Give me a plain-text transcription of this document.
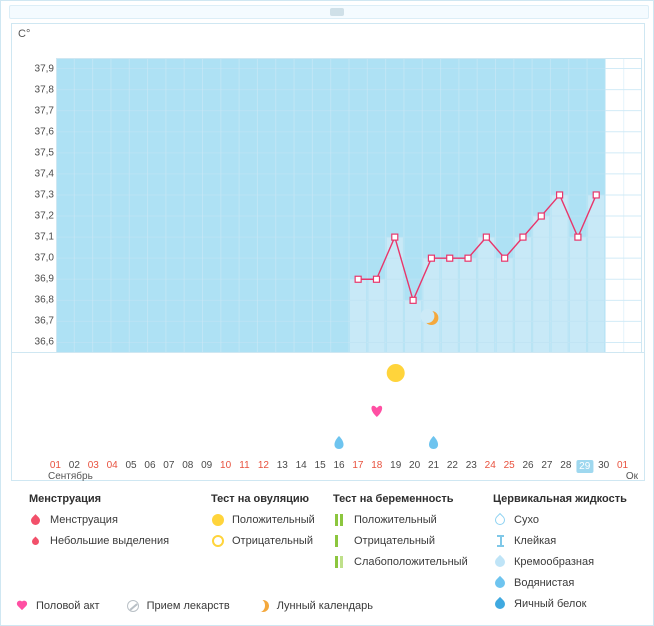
C°
37,9
37,8
37,7
37,6
37,5
37,4
37,3
37,2
37,1
37,0
36,9
36,8
36,7
36,6
01 02 03 04 05 06 07 08 09 10 11 12 13 14 15 16 17 18 19 20 21 22 23 24 25 26 27 28 29 30 01
Сентябрь	Ок
Менструация
Менструация
Небольшие выделения
Тест на овуляцию
Положительный
Отрицательный
Тест на беременность
Положительный
Отрицательный
Слабоположительный
Цервикальная жидкость
Сухо
Клейкая
Кремообразная
Водянистая
Яичный белок
Половой акт	Прием лекарств	Лунный календарь
